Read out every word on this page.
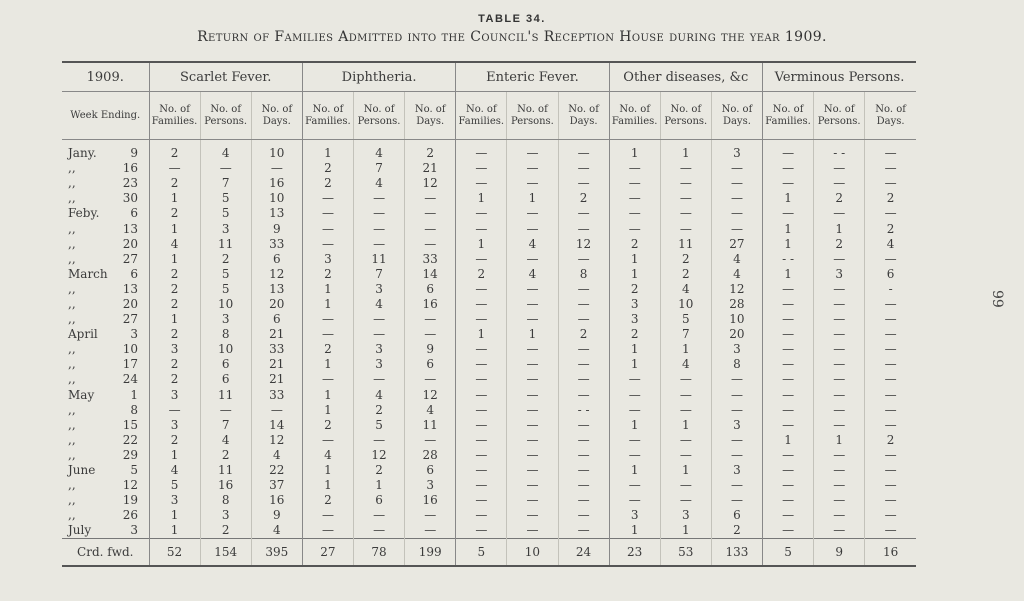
TABLE 34.
Return of Families Admitted into the Council's Reception House during the year 1909.
99
1909.	Scarlet Fever.			Diphtheria.			Enteric Fever.			Other diseases, &c			Verminous Persons.		
Week Ending.	No. of Families.	No. of Persons.	No. of Days.	No. of Families.	No. of Persons.	No. of Days.	No. of Families.	No. of Persons.	No. of Days.	No. of Families.	No. of Persons.	No. of Days.	No. of Families.	No. of Persons.	No. of Days.
Jany. 9	2	4	10	1	4	2	—	—	—	1	1	3	—	- -	—
,, 16	—	—	—	2	7	21	—	—	—	—	—	—	—	—	—
,, 23	2	7	16	2	4	12	—	—	—	—	—	—	—	—	—
,, 30	1	5	10	—	—	—	1	1	2	—	—	—	1	2	2
Feby. 6	2	5	13	—	—	—	—	—	—	—	—	—	—	—	—
,, 13	1	3	9	—	—	—	—	—	—	—	—	—	1	1	2
,, 20	4	11	33	—	—	—	1	4	12	2	11	27	1	2	4
,, 27	1	2	6	3	11	33	—	—	—	1	2	4	- -	—	—
March 6	2	5	12	2	7	14	2	4	8	1	2	4	1	3	6
,, 13	2	5	13	1	3	6	—	—	—	2	4	12	—	—	-
,, 20	2	10	20	1	4	16	—	—	—	3	10	28	—	—	—
,, 27	1	3	6	—	—	—	—	—	—	3	5	10	—	—	—
April 3	2	8	21	—	—	—	1	1	2	2	7	20	—	—	—
,, 10	3	10	33	2	3	9	—	—	—	1	1	3	—	—	—
,, 17	2	6	21	1	3	6	—	—	—	1	4	8	—	—	—
,, 24	2	6	21	—	—	—	—	—	—	—	—	—	—	—	—
May 1	3	11	33	1	4	12	—	—	—	—	—	—	—	—	—
,, 8	—	—	—	1	2	4	—	—	- -	—	—	—	—	—	—
,, 15	3	7	14	2	5	11	—	—	—	1	1	3	—	—	—
,, 22	2	4	12	—	—	—	—	—	—	—	—	—	1	1	2
,, 29	1	2	4	4	12	28	—	—	—	—	—	—	—	—	—
June 5	4	11	22	1	2	6	—	—	—	1	1	3	—	—	—
,, 12	5	16	37	1	1	3	—	—	—	—	—	—	—	—	—
,, 19	3	8	16	2	6	16	—	—	—	—	—	—	—	—	—
,, 26	1	3	9	—	—	—	—	—	—	3	3	6	—	—	—
July 3	1	2	4	—	—	—	—	—	—	1	1	2	—	—	—
Crd. fwd.	52	154	395	27	78	199	5	10	24	23	53	133	5	9	16
